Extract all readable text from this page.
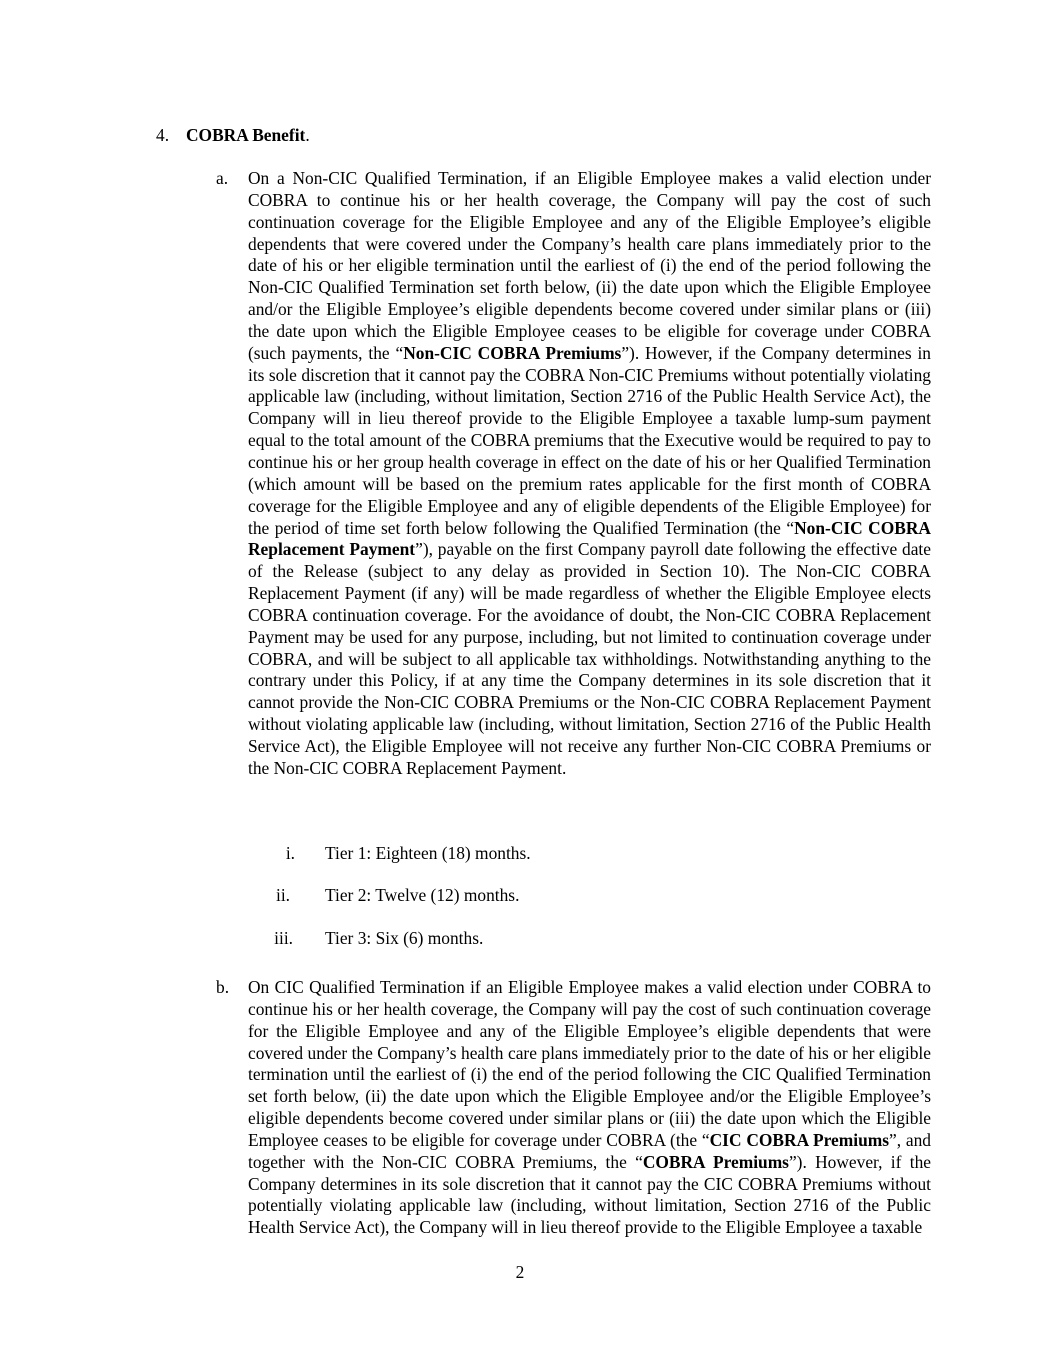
4. COBRA Benefit.
a. On a Non-CIC Qualified Termination, if an Eligible Employee makes a valid election under COBRA to continue his or her health coverage, the Company will pay the cost of such continuation coverage for the Eligible Employee and any of the Eligible Employee’s eligible dependents that were covered under the Company’s health care plans immediately prior to the date of his or her eligible termination until the earliest of (i) the end of the period following the Non-CIC Qualified Termination set forth below, (ii) the date upon which the Eligible Employee and/or the Eligible Employee’s eligible dependents become covered under similar plans or (iii) the date upon which the Eligible Employee ceases to be eligible for coverage under COBRA (such payments, the “Non-CIC COBRA Premiums”). However, if the Company determines in its sole discretion that it cannot pay the COBRA Non-CIC Premiums without potentially violating applicable law (including, without limitation, Section 2716 of the Public Health Service Act), the Company will in lieu thereof provide to the Eligible Employee a taxable lump-sum payment equal to the total amount of the COBRA premiums that the Executive would be required to pay to continue his or her group health coverage in effect on the date of his or her Qualified Termination (which amount will be based on the premium rates applicable for the first month of COBRA coverage for the Eligible Employee and any of eligible dependents of the Eligible Employee) for the period of time set forth below following the Qualified Termination (the “Non-CIC COBRA Replacement Payment”), payable on the first Company payroll date following the effective date of the Release (subject to any delay as provided in Section 10). The Non-CIC COBRA Replacement Payment (if any) will be made regardless of whether the Eligible Employee elects COBRA continuation coverage. For the avoidance of doubt, the Non-CIC COBRA Replacement Payment may be used for any purpose, including, but not limited to continuation coverage under COBRA, and will be subject to all applicable tax withholdings. Notwithstanding anything to the contrary under this Policy, if at any time the Company determines in its sole discretion that it cannot provide the Non-CIC COBRA Premiums or the Non-CIC COBRA Replacement Payment without violating applicable law (including, without limitation, Section 2716 of the Public Health Service Act), the Eligible Employee will not receive any further Non-CIC COBRA Premiums or the Non-CIC COBRA Replacement Payment.

i. Tier 1: Eighteen (18) months.
ii. Tier 2: Twelve (12) months.
iii. Tier 3: Six (6) months.
b. On CIC Qualified Termination if an Eligible Employee makes a valid election under COBRA to continue his or her health coverage, the Company will pay the cost of such continuation coverage for the Eligible Employee and any of the Eligible Employee’s eligible dependents that were covered under the Company’s health care plans immediately prior to the date of his or her eligible termination until the earliest of (i) the end of the period following the CIC Qualified Termination set forth below, (ii) the date upon which the Eligible Employee and/or the Eligible Employee’s eligible dependents become covered under similar plans or (iii) the date upon which the Eligible Employee ceases to be eligible for coverage under COBRA (the “CIC COBRA Premiums”, and together with the Non-CIC COBRA Premiums, the “COBRA Premiums”). However, if the Company determines in its sole discretion that it cannot pay the CIC COBRA Premiums without potentially violating applicable law (including, without limitation, Section 2716 of the Public Health Service Act), the Company will in lieu thereof provide to the Eligible Employee a taxable

2
